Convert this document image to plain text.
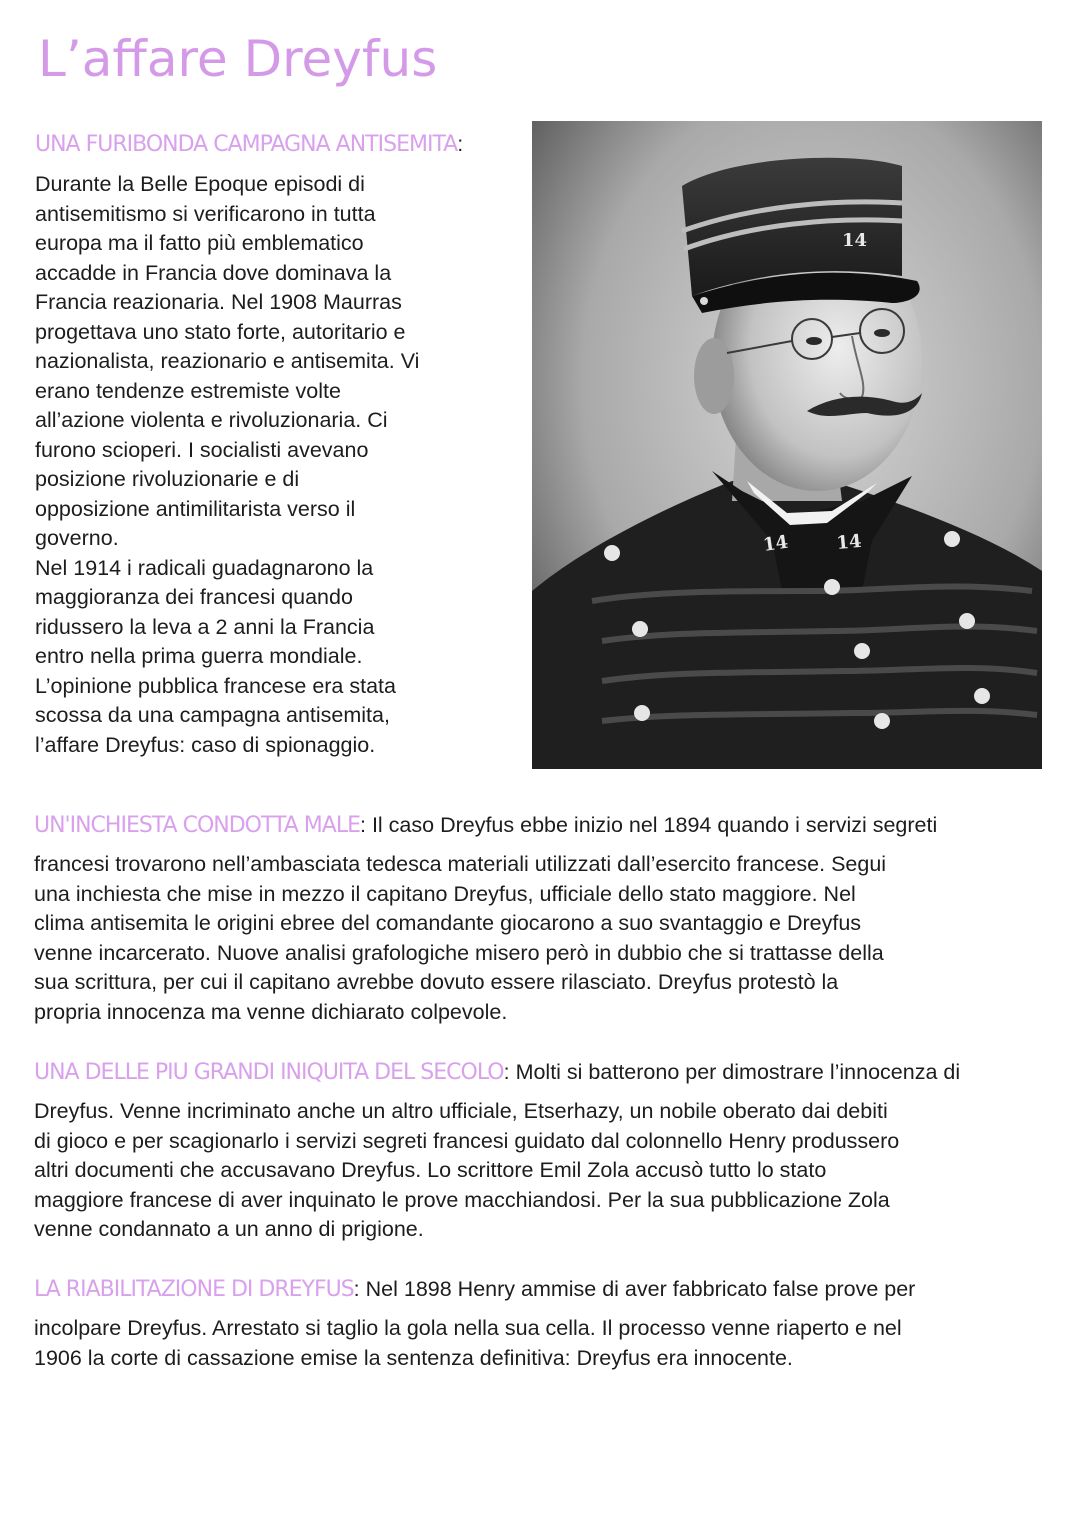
L’affare Dreyfus
UNA FURIBONDA CAMPAGNA ANTISEMITA:
Durante la Belle Epoque episodi di
antisemitismo si verificarono in tutta
europa ma il fatto più emblematico
accadde in Francia dove dominava la
Francia reazionaria. Nel 1908 Maurras
progettava uno stato forte, autoritario e
nazionalista, reazionario e antisemita. Vi
erano tendenze estremiste volte
all’azione violenta e rivoluzionaria. Ci
furono scioperi. I socialisti avevano
posizione rivoluzionarie e di
opposizione antimilitarista verso il
governo.
Nel 1914 i radicali guadagnarono la
maggioranza dei francesi quando
ridussero la leva a 2 anni la Francia
entro nella prima guerra mondiale.
L’opinione pubblica francese era stata
scossa da una campagna antisemita,
l’affare Dreyfus: caso di spionaggio.
14
14	14
UN'INCHIESTA CONDOTTA MALE: Il caso Dreyfus ebbe inizio nel 1894 quando i servizi segreti
francesi trovarono nell’ambasciata tedesca materiali utilizzati dall’esercito francese. Segui
una inchiesta che mise in mezzo il capitano Dreyfus, ufficiale dello stato maggiore. Nel
clima antisemita le origini ebree del comandante giocarono a suo svantaggio e Dreyfus
venne incarcerato. Nuove analisi grafologiche misero però in dubbio che si trattasse della
sua scrittura, per cui il capitano avrebbe dovuto essere rilasciato. Dreyfus protestò la
propria innocenza ma venne dichiarato colpevole.
UNA DELLE PIU GRANDI INIQUITA DEL SECOLO: Molti si batterono per dimostrare l’innocenza di
Dreyfus. Venne incriminato anche un altro ufficiale, Etserhazy, un nobile oberato dai debiti
di gioco e per scagionarlo i servizi segreti francesi guidato dal colonnello Henry produssero
altri documenti che accusavano Dreyfus. Lo scrittore Emil Zola accusò tutto lo stato
maggiore francese di aver inquinato le prove macchiandosi. Per la sua pubblicazione Zola
venne condannato a un anno di prigione.
LA RIABILITAZIONE DI DREYFUS: Nel 1898 Henry ammise di aver fabbricato false prove per
incolpare Dreyfus. Arrestato si taglio la gola nella sua cella. Il processo venne riaperto e nel
1906 la corte di cassazione emise la sentenza definitiva: Dreyfus era innocente.
